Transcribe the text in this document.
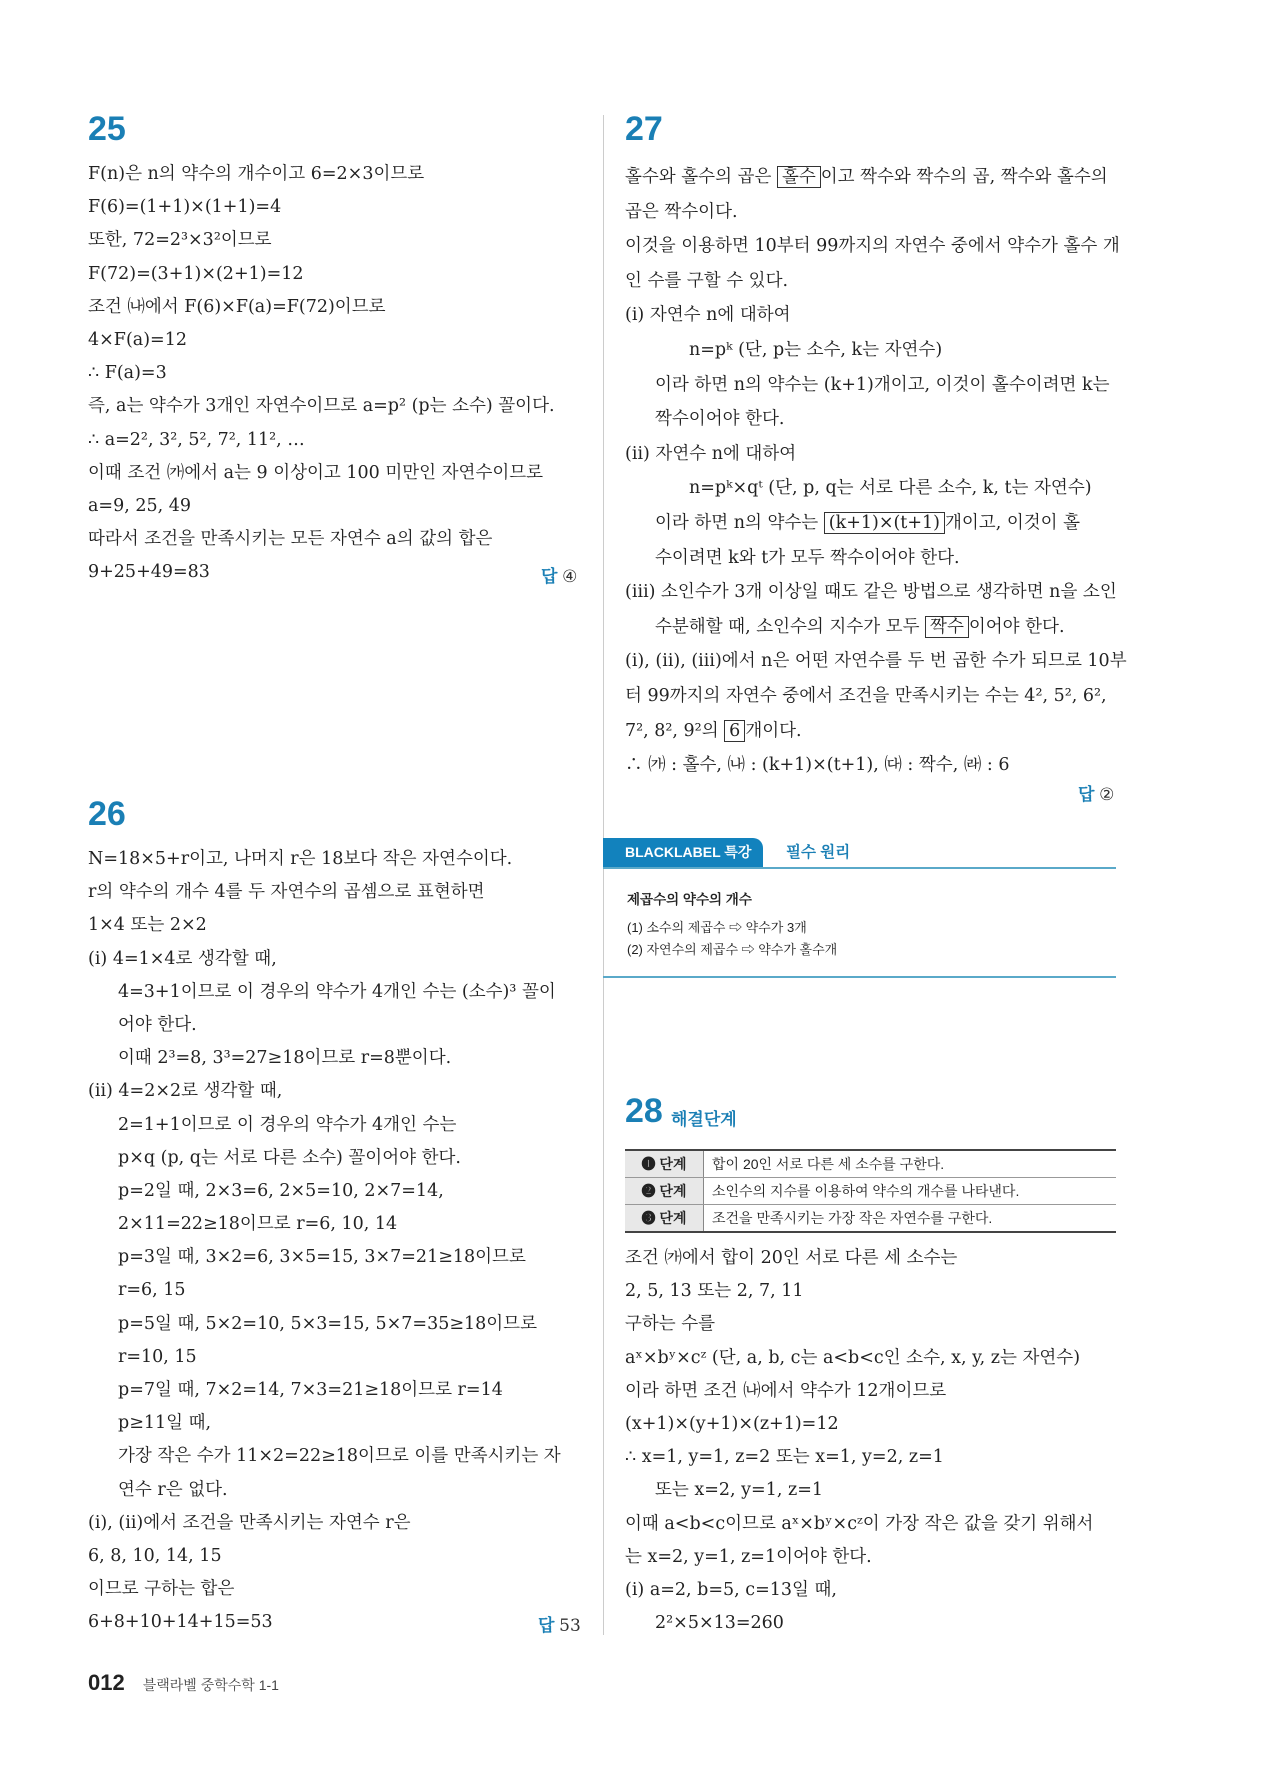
25
F(n)은 n의 약수의 개수이고 6=2×3이므로
F(6)=(1+1)×(1+1)=4
또한, 72=2³×3²이므로
F(72)=(3+1)×(2+1)=12
조건 ㈏에서 F(6)×F(a)=F(72)이므로
4×F(a)=12
∴ F(a)=3
즉, a는 약수가 3개인 자연수이므로 a=p² (p는 소수) 꼴이다.
∴ a=2², 3², 5², 7², 11², …
이때 조건 ㈎에서 a는 9 이상이고 100 미만인 자연수이므로
a=9, 25, 49
따라서 조건을 만족시키는 모든 자연수 a의 값의 합은
9+25+49=83	답 ④
26
N=18×5+r이고, 나머지 r은 18보다 작은 자연수이다.
r의 약수의 개수 4를 두 자연수의 곱셈으로 표현하면
1×4 또는 2×2
(ⅰ) 4=1×4로 생각할 때,
4=3+1이므로 이 경우의 약수가 4개인 수는 (소수)³ 꼴이
어야 한다.
이때 2³=8, 3³=27≥18이므로 r=8뿐이다.
(ⅱ) 4=2×2로 생각할 때,
2=1+1이므로 이 경우의 약수가 4개인 수는
p×q (p, q는 서로 다른 소수) 꼴이어야 한다.
p=2일 때, 2×3=6, 2×5=10, 2×7=14,
2×11=22≥18이므로 r=6, 10, 14
p=3일 때, 3×2=6, 3×5=15, 3×7=21≥18이므로
r=6, 15
p=5일 때, 5×2=10, 5×3=15, 5×7=35≥18이므로
r=10, 15
p=7일 때, 7×2=14, 7×3=21≥18이므로 r=14
p≥11일 때,
가장 작은 수가 11×2=22≥18이므로 이를 만족시키는 자
연수 r은 없다.
(ⅰ), (ⅱ)에서 조건을 만족시키는 자연수 r은
6, 8, 10, 14, 15
이므로 구하는 합은
6+8+10+14+15=53	답 53
27
홀수와 홀수의 곱은 홀수 이고 짝수와 짝수의 곱, 짝수와 홀수의
곱은 짝수이다.
이것을 이용하면 10부터 99까지의 자연수 중에서 약수가 홀수 개
인 수를 구할 수 있다.
(ⅰ) 자연수 n에 대하여
n=pᵏ (단, p는 소수, k는 자연수)
이라 하면 n의 약수는 (k+1)개이고, 이것이 홀수이려면 k는
짝수이어야 한다.
(ⅱ) 자연수 n에 대하여
n=pᵏ×qᵗ (단, p, q는 서로 다른 소수, k, t는 자연수)
이라 하면 n의 약수는 (k+1)×(t+1) 개이고, 이것이 홀
수이려면 k와 t가 모두 짝수이어야 한다.
(ⅲ) 소인수가 3개 이상일 때도 같은 방법으로 생각하면 n을 소인
수분해할 때, 소인수의 지수가 모두 짝수 이어야 한다.
(ⅰ), (ⅱ), (ⅲ)에서 n은 어떤 자연수를 두 번 곱한 수가 되므로 10부
터 99까지의 자연수 중에서 조건을 만족시키는 수는 4², 5², 6²,
7², 8², 9²의 6 개이다.
∴ ㈎ : 홀수, ㈏ : (k+1)×(t+1), ㈐ : 짝수, ㈑ : 6
답 ②
BLACKLABEL 특강	필수 원리
제곱수의 약수의 개수
(1) 소수의 제곱수 ⇨ 약수가 3개
(2) 자연수의 제곱수 ⇨ 약수가 홀수개
28 해결단계
❶ 단계	합이 20인 서로 다른 세 소수를 구한다.
❷ 단계	소인수의 지수를 이용하여 약수의 개수를 나타낸다.
❸ 단계	조건을 만족시키는 가장 작은 자연수를 구한다.
조건 ㈎에서 합이 20인 서로 다른 세 소수는
2, 5, 13 또는 2, 7, 11
구하는 수를
aˣ×bʸ×cᶻ (단, a, b, c는 a<b<c인 소수, x, y, z는 자연수)
이라 하면 조건 ㈏에서 약수가 12개이므로
(x+1)×(y+1)×(z+1)=12
∴ x=1, y=1, z=2 또는 x=1, y=2, z=1
또는 x=2, y=1, z=1
이때 a<b<c이므로 aˣ×bʸ×cᶻ이 가장 작은 값을 갖기 위해서
는 x=2, y=1, z=1이어야 한다.
(ⅰ) a=2, b=5, c=13일 때,
2²×5×13=260
012 블랙라벨 중학수학 1-1
